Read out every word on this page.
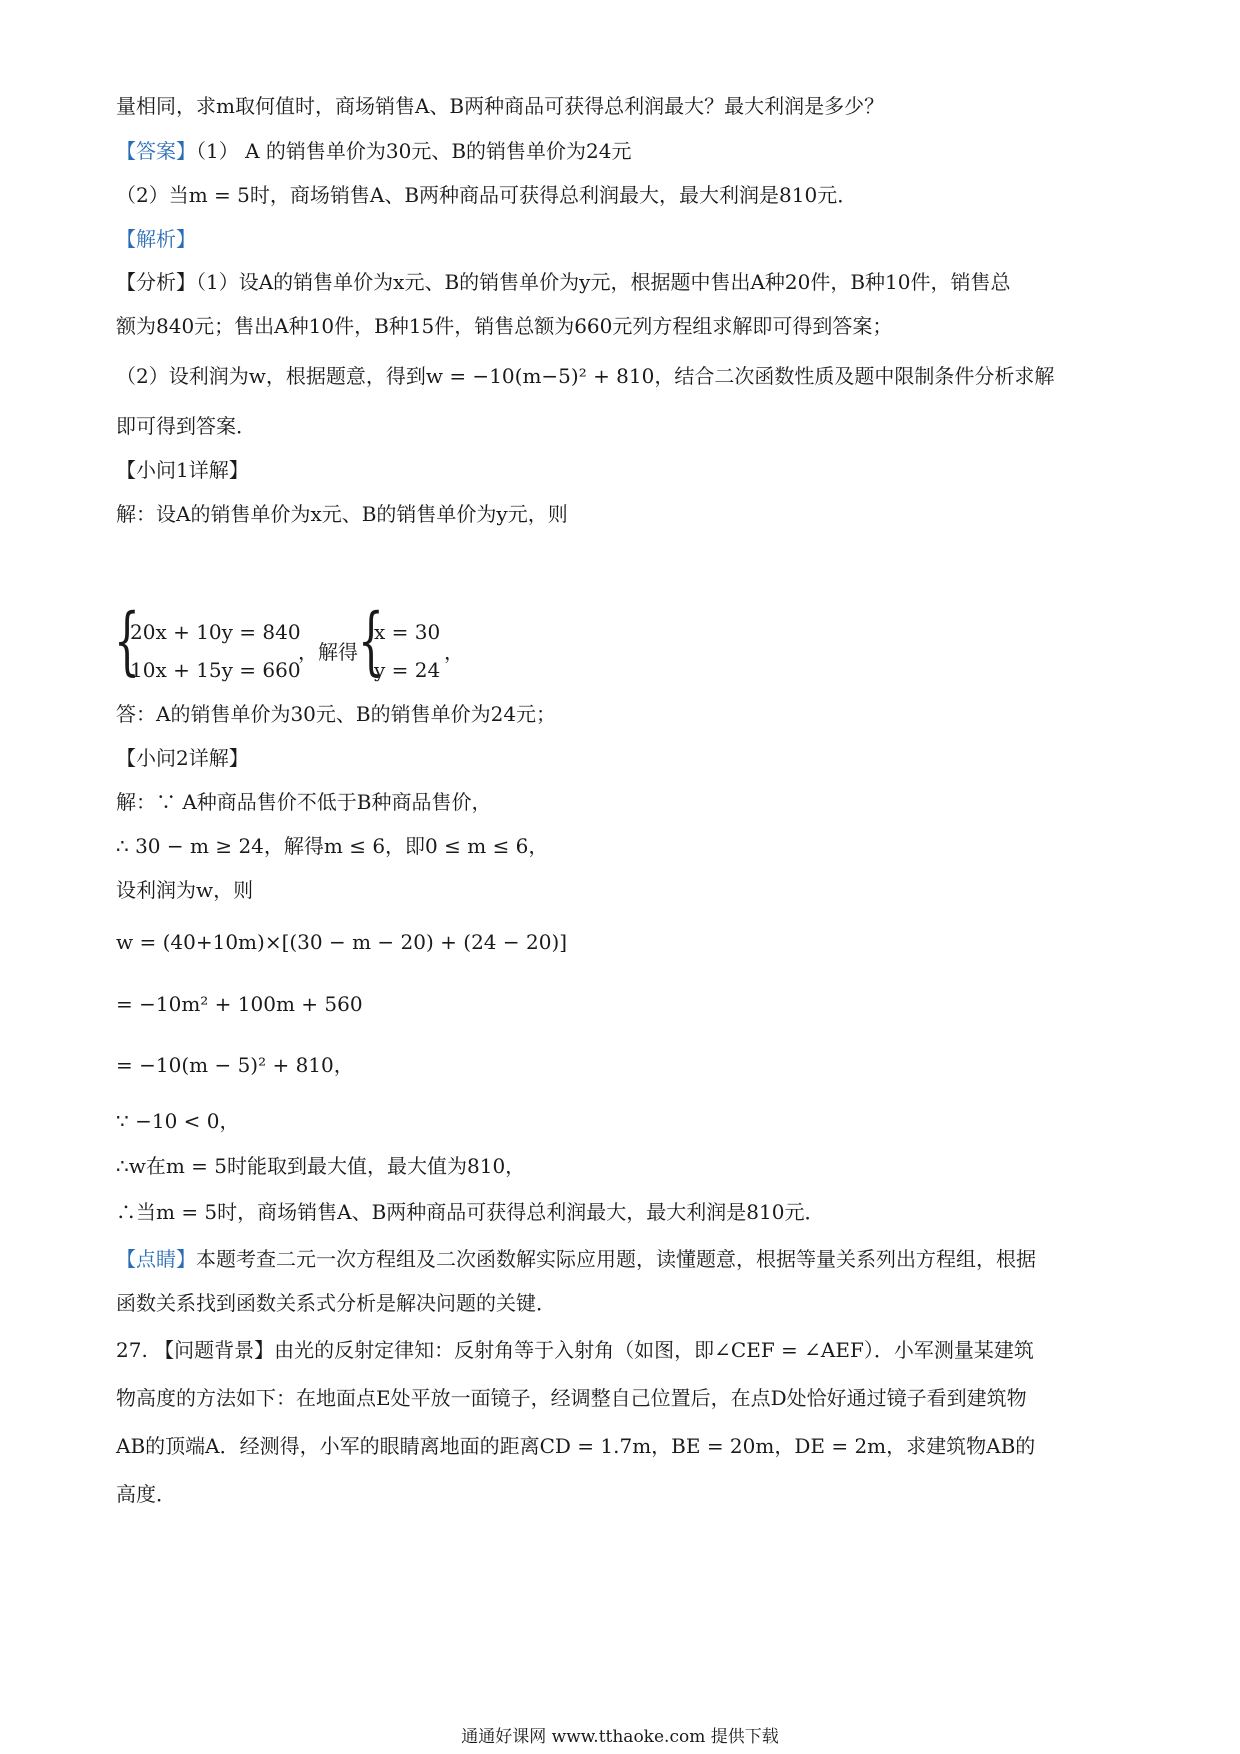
量相同，求m取何值时，商场销售A、B两种商品可获得总利润最大？最大利润是多少？
【答案】（1） A 的销售单价为30元、B的销售单价为24元
（2）当m = 5时，商场销售A、B两种商品可获得总利润最大，最大利润是810元．
【解析】
【分析】（1）设A的销售单价为x元、B的销售单价为y元，根据题中售出A种20件，B种10件，销售总
额为840元；售出A种10件，B种15件，销售总额为660元列方程组求解即可得到答案；
（2）设利润为w，根据题意，得到w = −10(m−5)² + 810，结合二次函数性质及题中限制条件分析求解
即可得到答案．
【小问1详解】
解：设A的销售单价为x元、B的销售单价为y元，则
{
20x + 10y = 840
10x + 15y = 660
，解得 {
x = 30
y = 24
，
答：A的销售单价为30元、B的销售单价为24元；
【小问2详解】
解：∵ A种商品售价不低于B种商品售价，
∴ 30 − m ≥ 24，解得m ≤ 6，即0 ≤ m ≤ 6，
设利润为w，则
w = (40+10m)×[(30 − m − 20) + (24 − 20)]
= −10m² + 100m + 560
= −10(m − 5)² + 810，
∵ −10 < 0，
∴w在m = 5时能取到最大值，最大值为810，
∴当m = 5时，商场销售A、B两种商品可获得总利润最大，最大利润是810元．
【点睛】本题考查二元一次方程组及二次函数解实际应用题，读懂题意，根据等量关系列出方程组，根据
函数关系找到函数关系式分析是解决问题的关键．
27. 【问题背景】由光的反射定律知：反射角等于入射角（如图，即∠CEF = ∠AEF）．小军测量某建筑
物高度的方法如下：在地面点E处平放一面镜子，经调整自己位置后，在点D处恰好通过镜子看到建筑物
AB的顶端A．经测得，小军的眼睛离地面的距离CD = 1.7m，BE = 20m，DE = 2m，求建筑物AB的
高度．
通通好课网 www.tthaoke.com 提供下载
